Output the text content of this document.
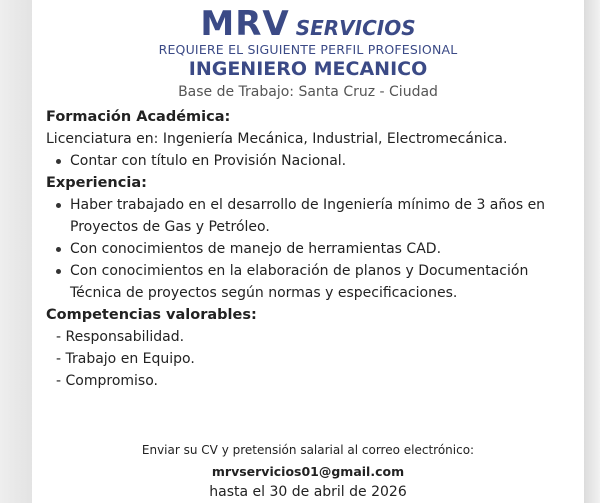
MRV SERVICIOS
REQUIERE EL SIGUIENTE PERFIL PROFESIONAL
INGENIERO MECANICO
Base de Trabajo: Santa Cruz - Ciudad

Formación Académica:

Licenciatura en: Ingeniería Mecánica, Industrial, Electromecánica.

Contar con título en Provisión Nacional.

Experiencia:

Haber trabajado en el desarrollo de Ingeniería mínimo de 3 años en Proyectos de Gas y Petróleo.
Con conocimientos de manejo de herramientas CAD.
Con conocimientos en la elaboración de planos y Documentación Técnica de proyectos según normas y especificaciones.

Competencias valorables:

- Responsabilidad.

- Trabajo en Equipo.

- Compromiso.

Enviar su CV y pretensión salarial al correo electrónico:
mrvservicios01@gmail.com
hasta el 30 de abril de 2026
